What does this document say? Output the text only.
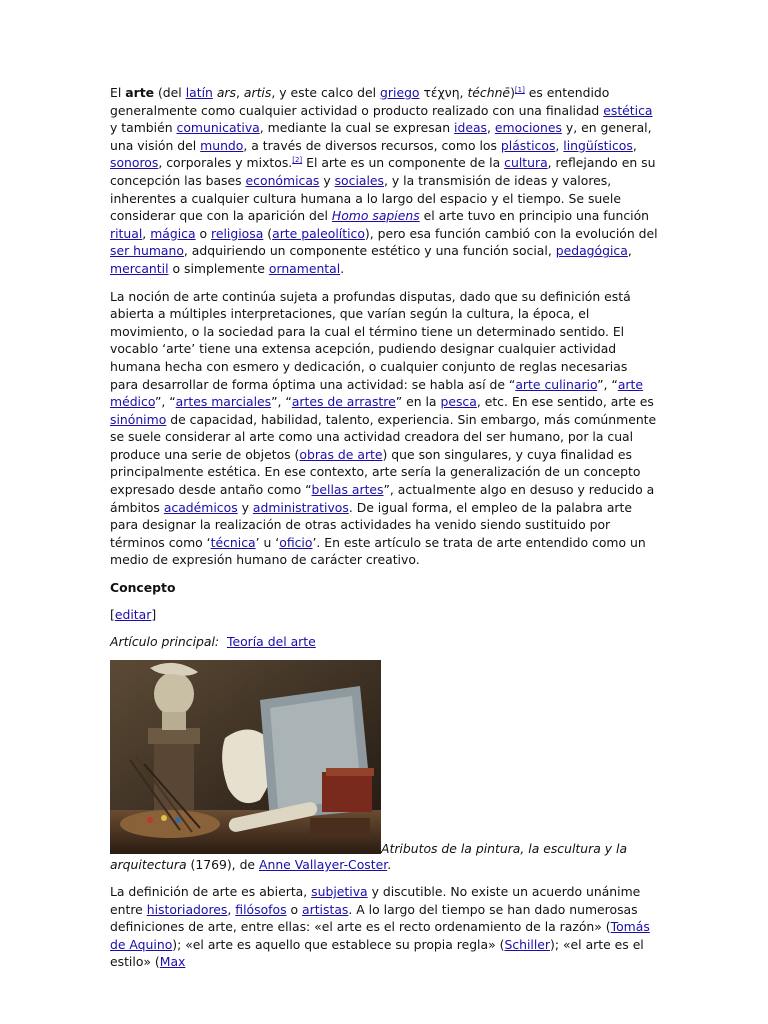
El arte (del latín ars, artis, y este calco del griego τέχνη, téchnē)[1] es entendido generalmente como cualquier actividad o producto realizado con una finalidad estética y también comunicativa, mediante la cual se expresan ideas, emociones y, en general, una visión del mundo, a través de diversos recursos, como los plásticos, lingüísticos, sonoros, corporales y mixtos.[2] El arte es un componente de la cultura, reflejando en su concepción las bases económicas y sociales, y la transmisión de ideas y valores, inherentes a cualquier cultura humana a lo largo del espacio y el tiempo. Se suele considerar que con la aparición del Homo sapiens el arte tuvo en principio una función ritual, mágica o religiosa (arte paleolítico), pero esa función cambió con la evolución del ser humano, adquiriendo un componente estético y una función social, pedagógica, mercantil o simplemente ornamental.

La noción de arte continúa sujeta a profundas disputas, dado que su definición está abierta a múltiples interpretaciones, que varían según la cultura, la época, el movimiento, o la sociedad para la cual el término tiene un determinado sentido. El vocablo ‘arte’ tiene una extensa acepción, pudiendo designar cualquier actividad humana hecha con esmero y dedicación, o cualquier conjunto de reglas necesarias para desarrollar de forma óptima una actividad: se habla así de “arte culinario”, “arte médico”, “artes marciales”, “artes de arrastre” en la pesca, etc. En ese sentido, arte es sinónimo de capacidad, habilidad, talento, experiencia. Sin embargo, más comúnmente se suele considerar al arte como una actividad creadora del ser humano, por la cual produce una serie de objetos (obras de arte) que son singulares, y cuya finalidad es principalmente estética. En ese contexto, arte sería la generalización de un concepto expresado desde antaño como “bellas artes”, actualmente algo en desuso y reducido a ámbitos académicos y administrativos. De igual forma, el empleo de la palabra arte para designar la realización de otras actividades ha venido siendo sustituido por términos como ‘técnica’ u ‘oficio’. En este artículo se trata de arte entendido como un medio de expresión humano de carácter creativo.

Concepto
[editar]
Artículo principal: Teoría del arte
Atributos de la pintura, la escultura y la
arquitectura (1769), de Anne Vallayer-Coster.

La definición de arte es abierta, subjetiva y discutible. No existe un acuerdo unánime entre historiadores, filósofos o artistas. A lo largo del tiempo se han dado numerosas definiciones de arte, entre ellas: «el arte es el recto ordenamiento de la razón» (Tomás de Aquino); «el arte es aquello que establece su propia regla» (Schiller); «el arte es el estilo» (Max
